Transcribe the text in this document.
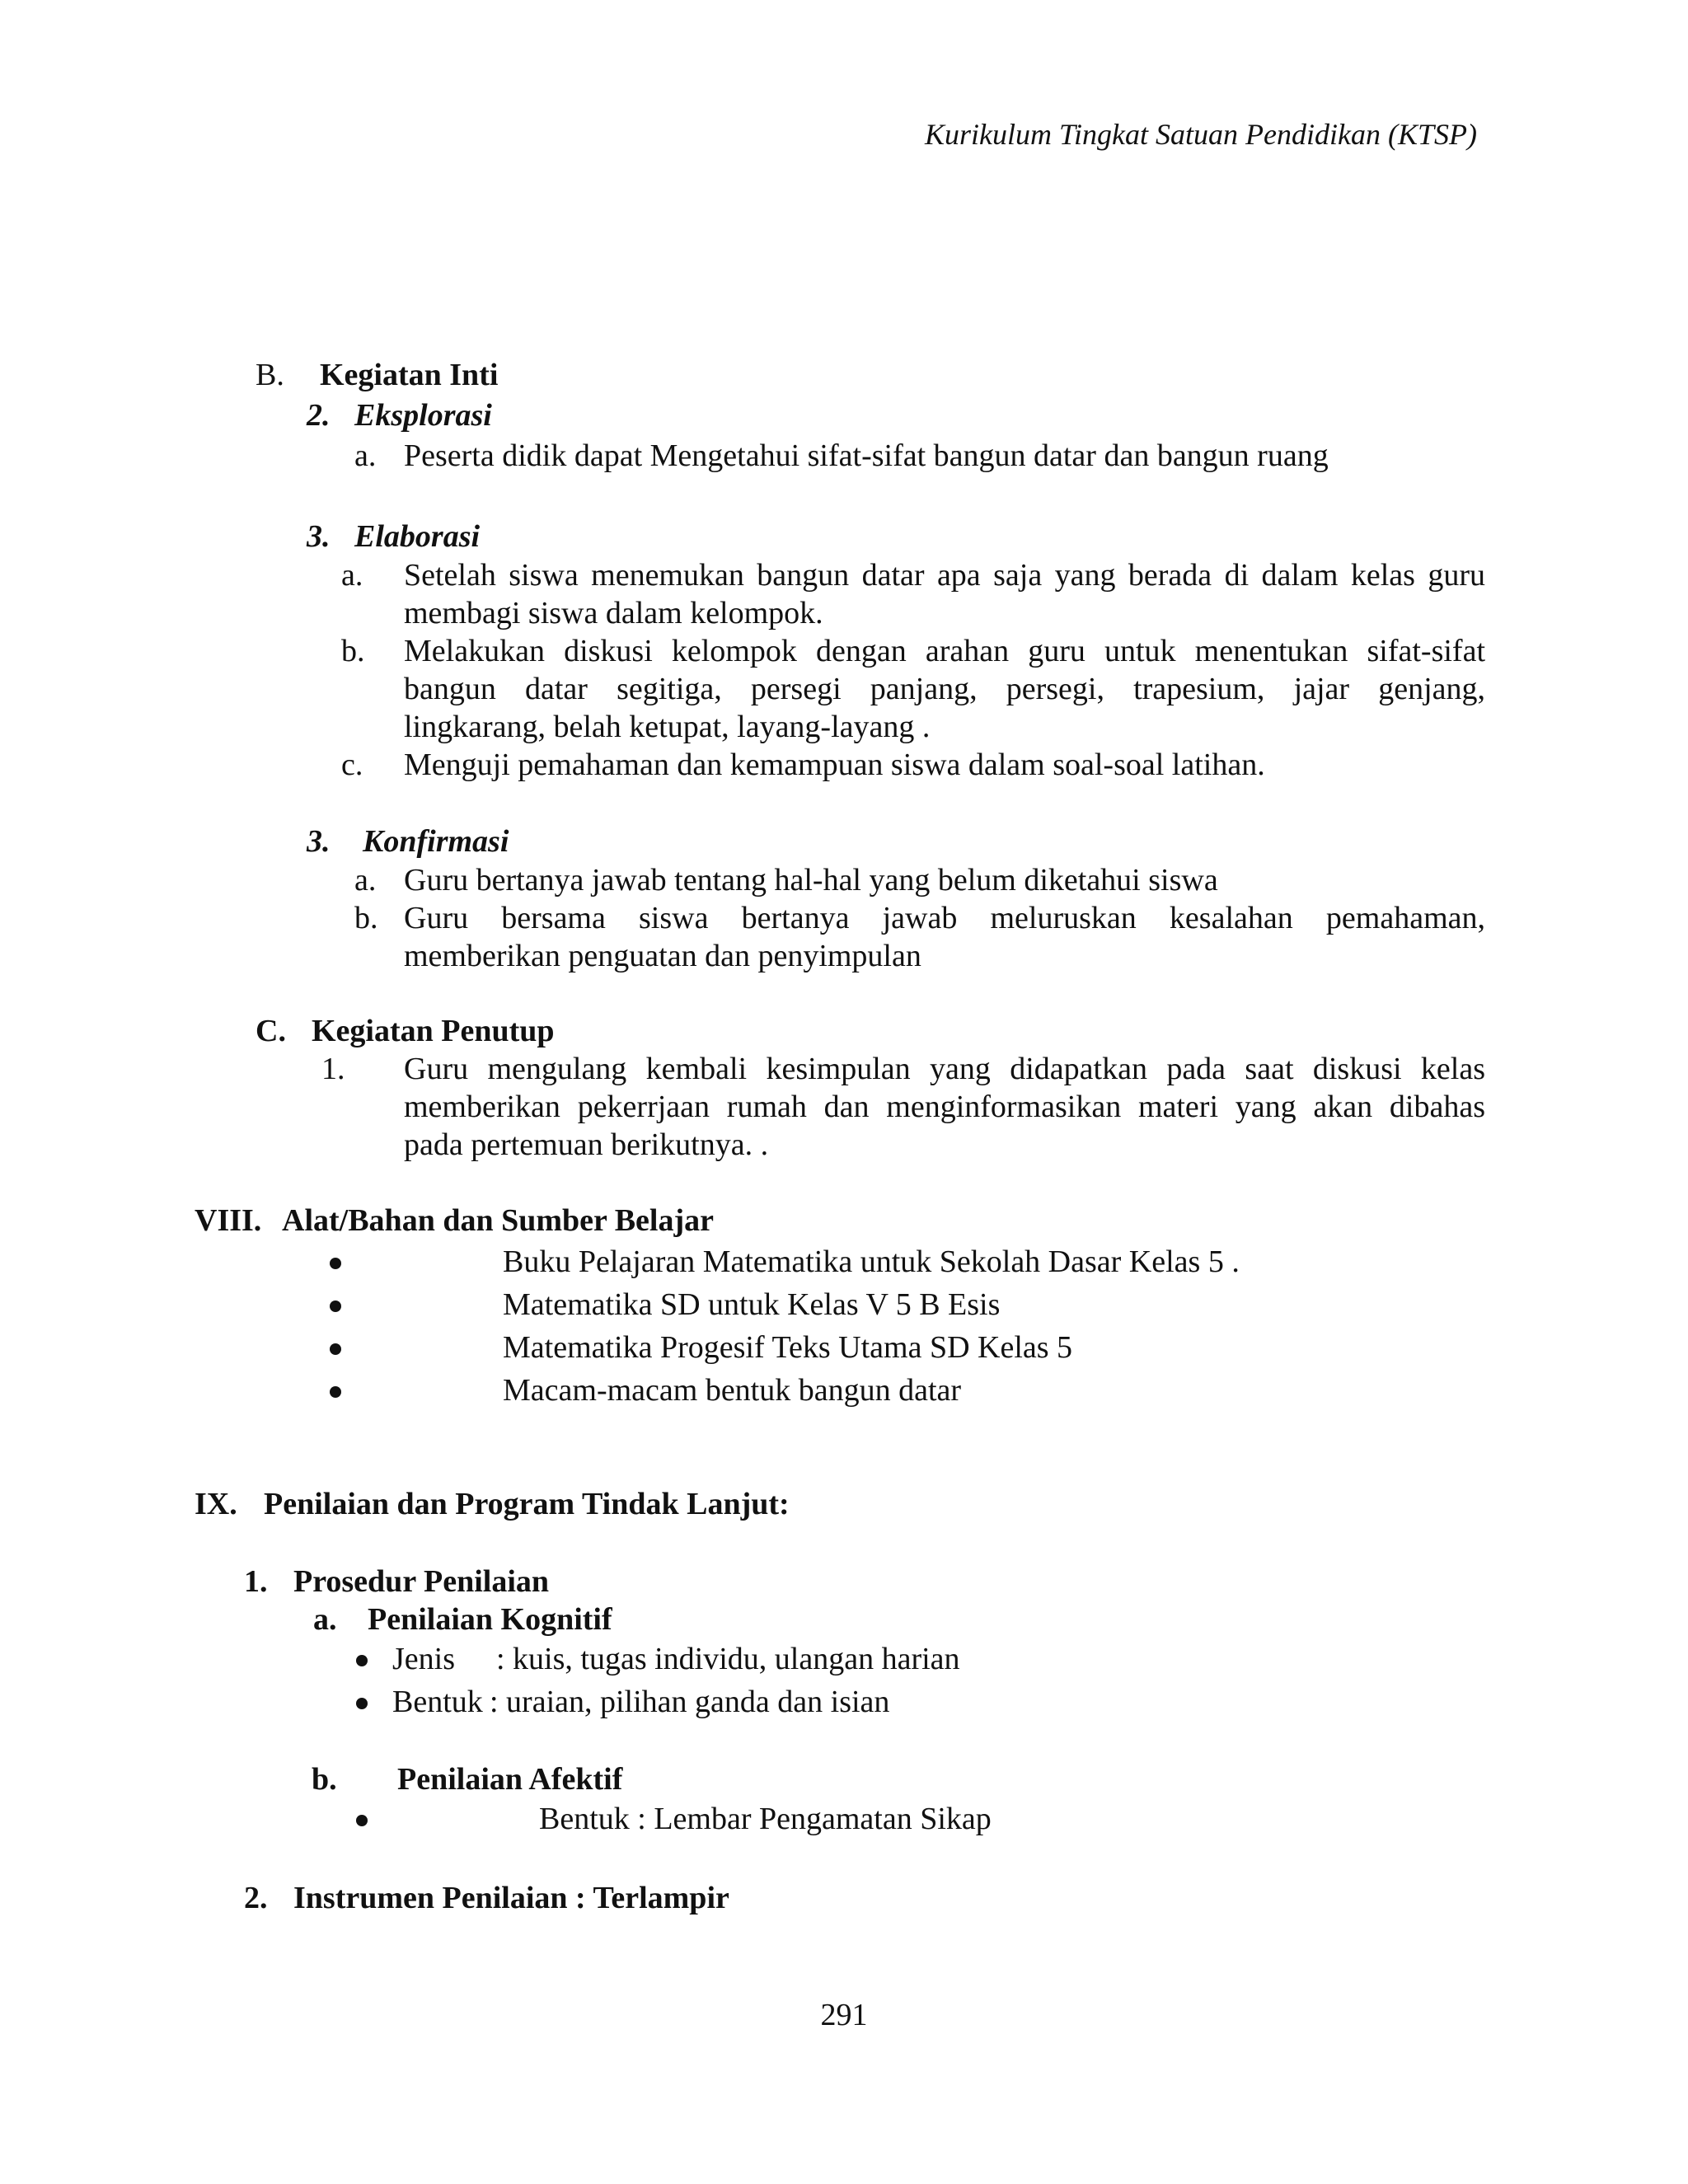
Kurikulum Tingkat Satuan Pendidikan (KTSP)
B. Kegiatan Inti
2. Eksplorasi
a. Peserta didik dapat Mengetahui sifat-sifat bangun datar dan bangun ruang
3. Elaborasi
a. Setelah siswa menemukan bangun datar apa saja yang berada di dalam kelas guru
membagi siswa dalam kelompok.
b. Melakukan diskusi kelompok dengan arahan guru untuk menentukan sifat-sifat
bangun datar segitiga, persegi panjang, persegi, trapesium, jajar genjang,
lingkarang, belah ketupat, layang-layang .
c. Menguji pemahaman dan kemampuan siswa dalam soal-soal latihan.
3. Konfirmasi
a. Guru bertanya jawab tentang hal-hal yang belum diketahui siswa
b. Guru bersama siswa bertanya jawab meluruskan kesalahan pemahaman,
memberikan penguatan dan penyimpulan
C. Kegiatan Penutup
1. Guru mengulang kembali kesimpulan yang didapatkan pada saat diskusi kelas
memberikan pekerrjaan rumah dan menginformasikan materi yang akan dibahas
pada pertemuan berikutnya. .
VIII. Alat/Bahan dan Sumber Belajar
Buku Pelajaran Matematika untuk Sekolah Dasar Kelas 5 .
Matematika SD untuk Kelas V 5 B Esis
Matematika Progesif Teks Utama SD Kelas 5
Macam-macam bentuk bangun datar
IX. Penilaian dan Program Tindak Lanjut:
1. Prosedur Penilaian
a. Penilaian Kognitif
Jenis : kuis, tugas individu, ulangan harian
Bentuk : uraian, pilihan ganda dan isian
b. Penilaian Afektif
Bentuk : Lembar Pengamatan Sikap
2. Instrumen Penilaian : Terlampir
291
